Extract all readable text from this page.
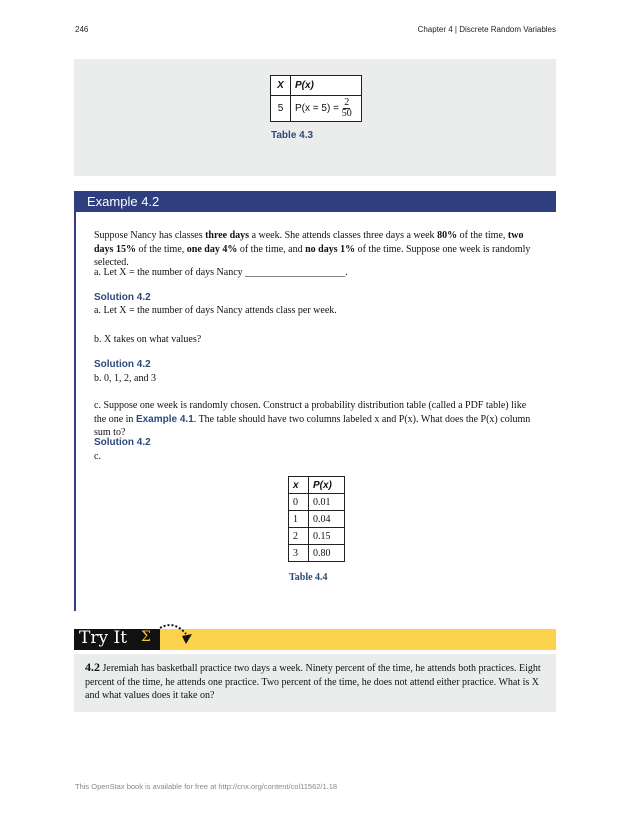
246	Chapter 4 | Discrete Random Variables
X	P(x)
5	$P(x = 5) = \frac{2}{50}$
Table 4.3
Example 4.2
Suppose Nancy has classes three days a week. She attends classes three days a week 80% of the time, two days 15% of the time, one day 4% of the time, and no days 1% of the time. Suppose one week is randomly selected.
a. Let X = the number of days Nancy ____________________.
Solution 4.2
a. Let X = the number of days Nancy attends class per week.
b. X takes on what values?
Solution 4.2
b. 0, 1, 2, and 3
c. Suppose one week is randomly chosen. Construct a probability distribution table (called a PDF table) like the one in Example 4.1. The table should have two columns labeled x and P(x). What does the P(x) column sum to?
Solution 4.2
c.
x	P(x)
0	0.01
1	0.04
2	0.15
3	0.80
Table 4.4
Try It Σ
4.2 Jeremiah has basketball practice two days a week. Ninety percent of the time, he attends both practices. Eight percent of the time, he attends one practice. Two percent of the time, he does not attend either practice. What is X and what values does it take on?
This OpenStax book is available for free at http://cnx.org/content/col11562/1.18
